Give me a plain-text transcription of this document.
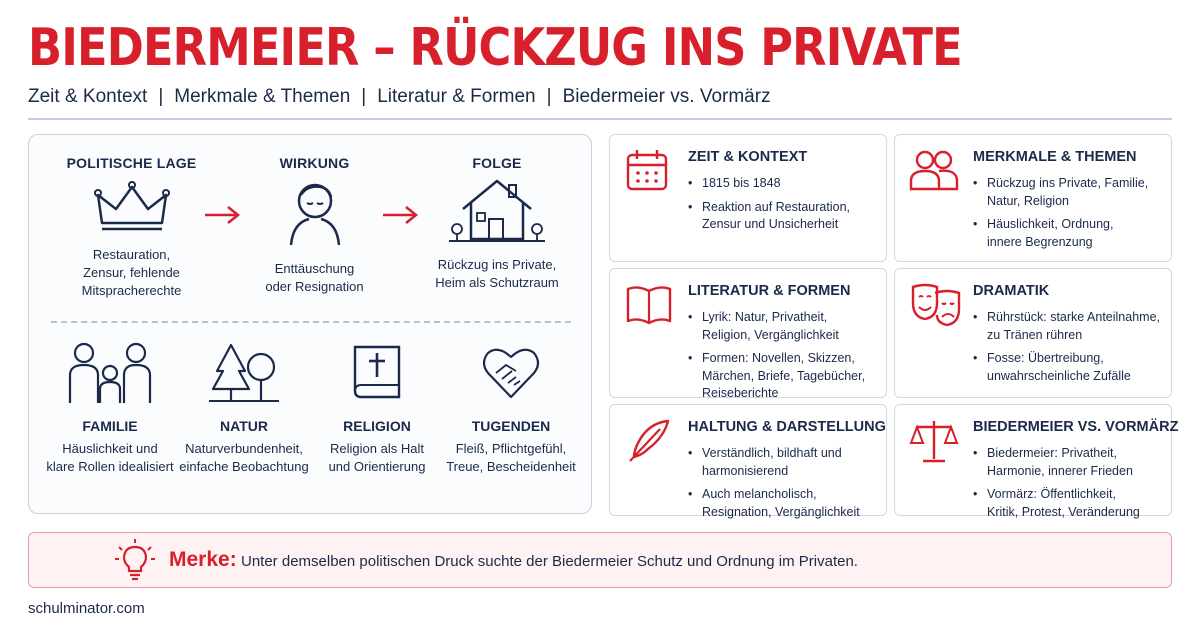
BIEDERMEIER – RÜCKZUG INS PRIVATE
Zeit & Kontext | Merkmale & Themen | Literatur & Formen | Biedermeier vs. Vormärz
POLITISCHE LAGE
Restauration,
Zensur, fehlende
Mitspracherechte
WIRKUNG
Enttäuschung
oder Resignation
FOLGE
Rückzug ins Private,
Heim als Schutzraum
FAMILIE
Häuslichkeit und
klare Rollen idealisiert
NATUR
Naturverbundenheit,
einfache Beobachtung
RELIGION
Religion als Halt
und Orientierung
TUGENDEN
Fleiß, Pflichtgefühl,
Treue, Bescheidenheit
ZEIT & KONTEXT
• 1815 bis 1848
• Reaktion auf Restauration,
Zensur und Unsicherheit
MERKMALE & THEMEN
• Rückzug ins Private, Familie,
Natur, Religion
• Häuslichkeit, Ordnung,
innere Begrenzung
LITERATUR & FORMEN
• Lyrik: Natur, Privatheit,
Religion, Vergänglichkeit
• Formen: Novellen, Skizzen,
Märchen, Briefe, Tagebücher,
Reiseberichte
DRAMATIK
• Rührstück: starke Anteilnahme,
zu Tränen rühren
• Fosse: Übertreibung,
unwahrscheinliche Zufälle
HALTUNG & DARSTELLUNG
• Verständlich, bildhaft und
harmonisierend
• Auch melancholisch,
Resignation, Vergänglichkeit
BIEDERMEIER VS. VORMÄRZ
• Biedermeier: Privatheit,
Harmonie, innerer Frieden
• Vormärz: Öffentlichkeit,
Kritik, Protest, Veränderung
Merke: Unter demselben politischen Druck suchte der Biedermeier Schutz und Ordnung im Privaten.
schulminator.com
